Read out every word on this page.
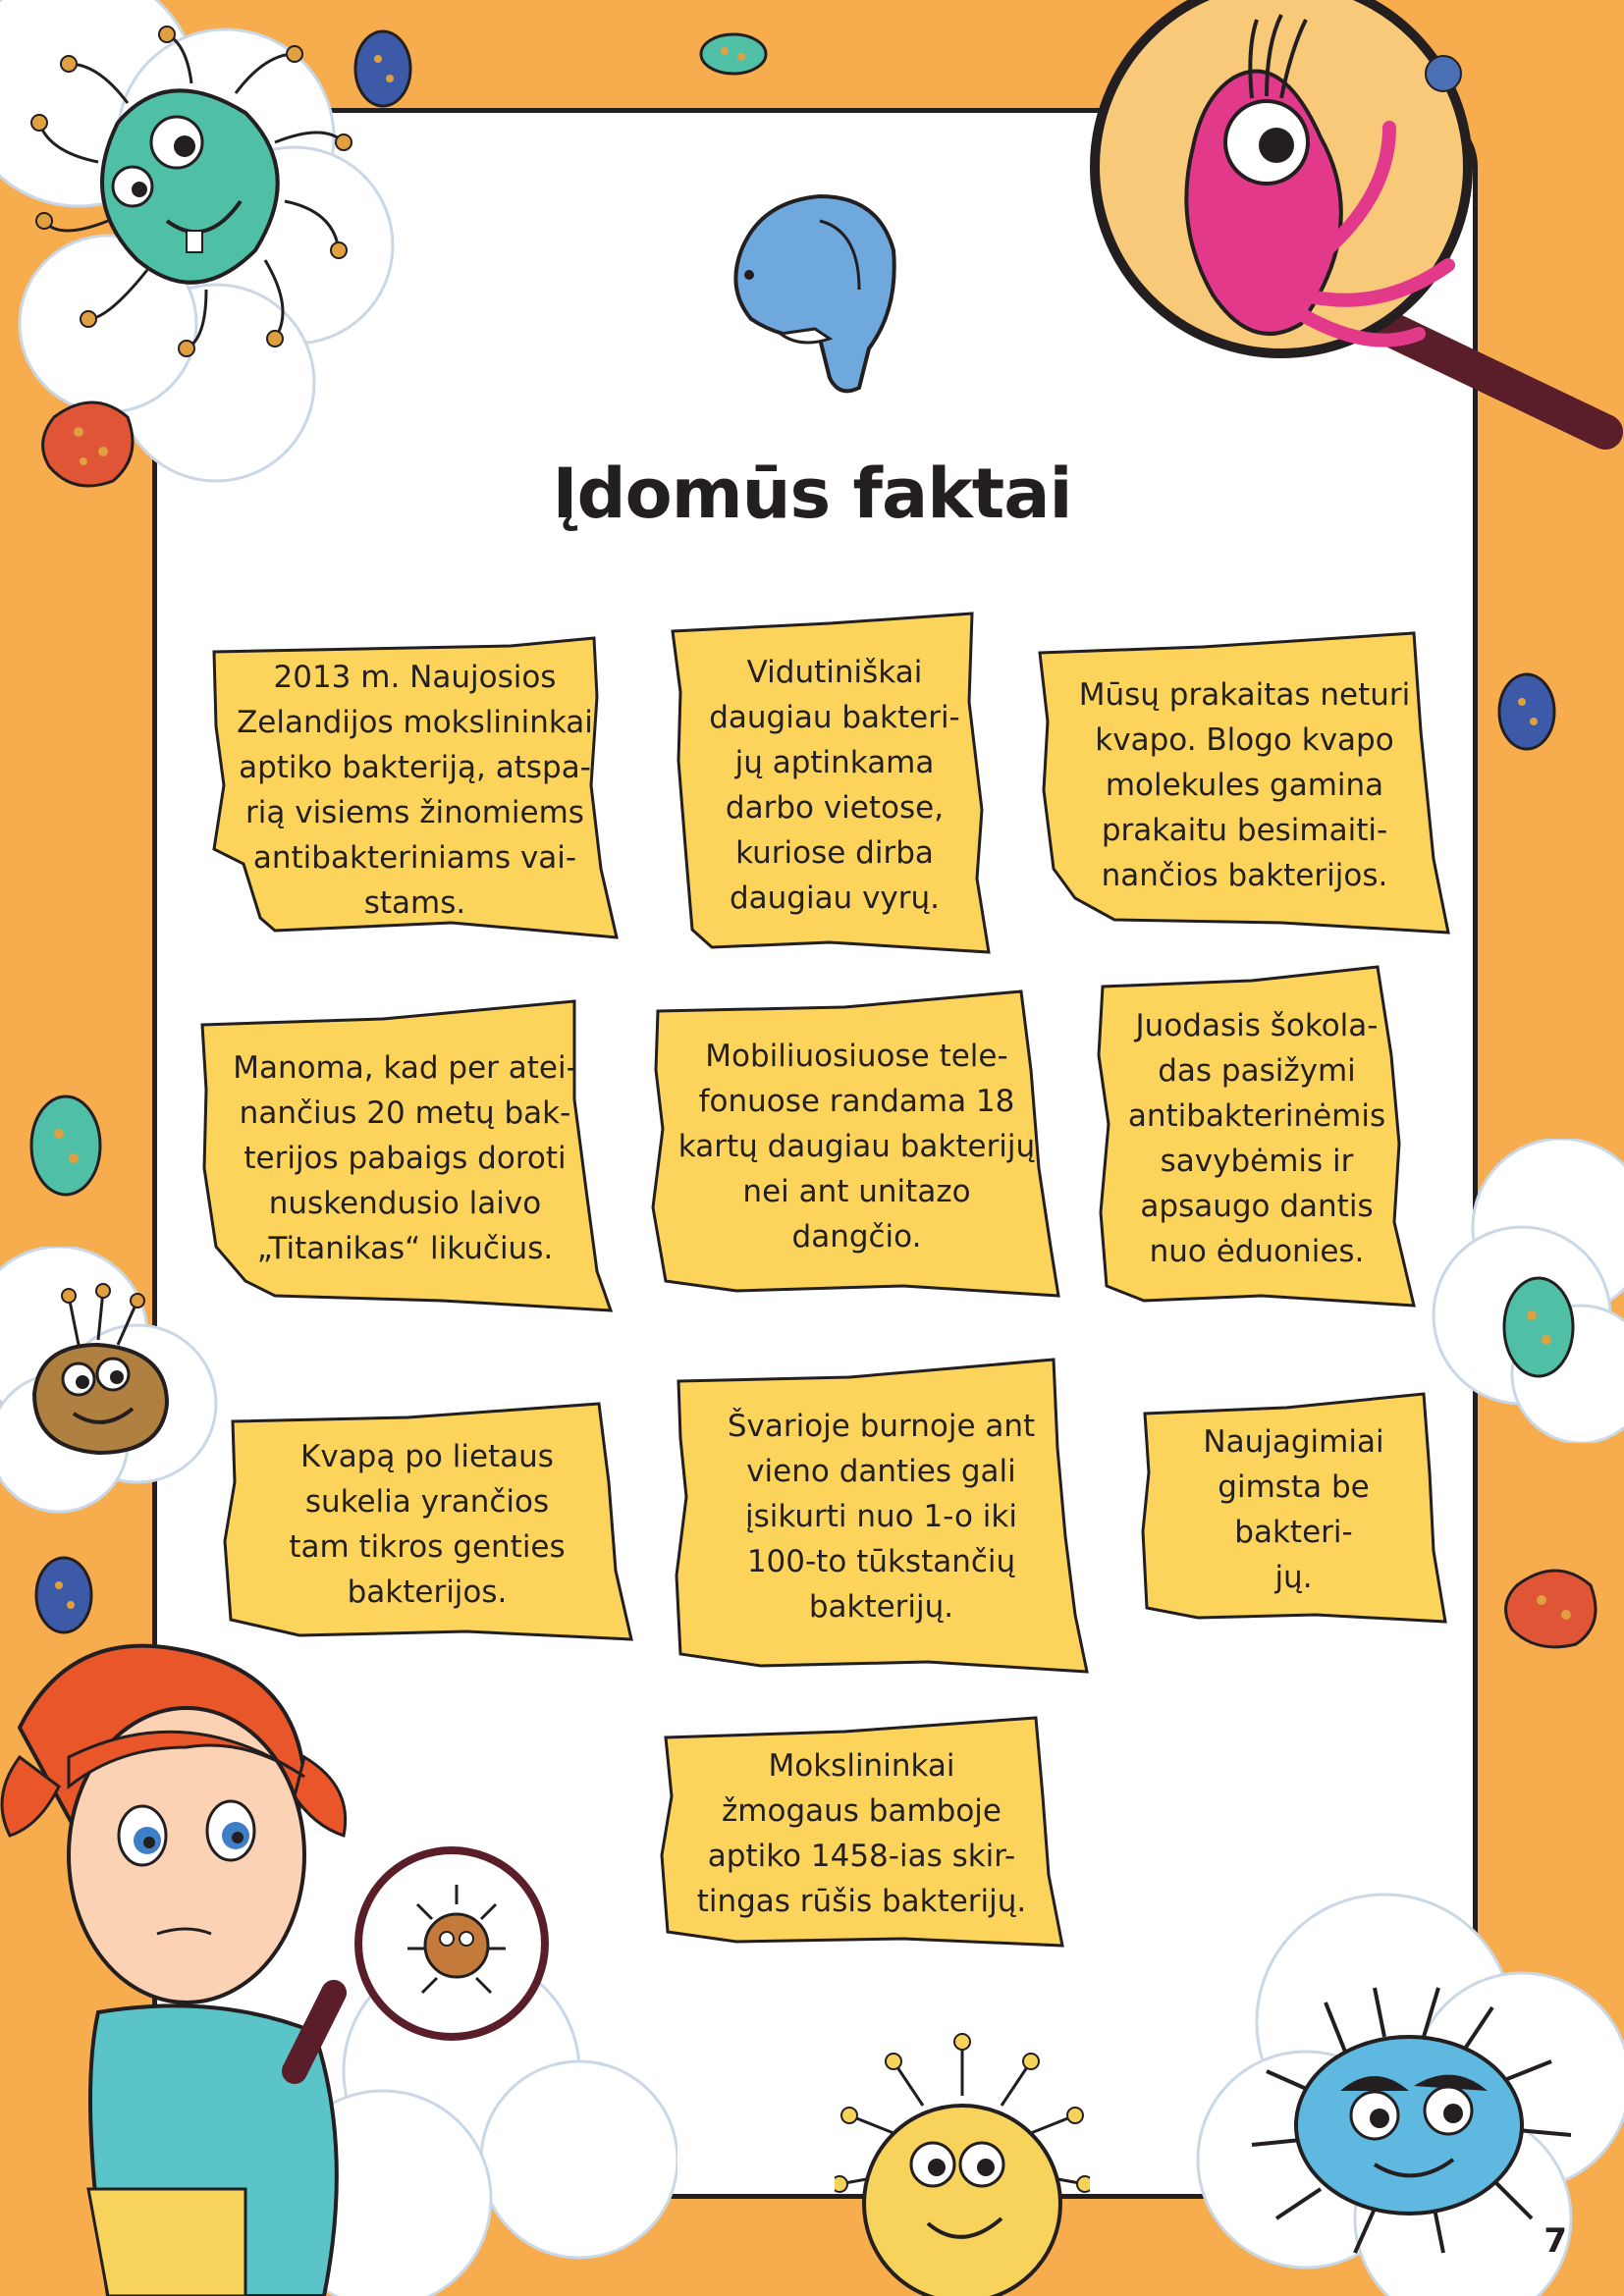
Įdomūs faktai
2013 m. Naujosios
Zelandijos mokslininkai
aptiko bakteriją, atspa-
rią visiems žinomiems
antibakteriniams vai-
stams.
Vidutiniškai
daugiau bakteri-
jų aptinkama
darbo vietose,
kuriose dirba
daugiau vyrų.
Mūsų prakaitas neturi
kvapo. Blogo kvapo
molekules gamina
prakaitu besimaiti-
nančios bakterijos.
Manoma, kad per atei-
nančius 20 metų bak-
terijos pabaigs doroti
nuskendusio laivo
„Titanikas“ likučius.
Mobiliuosiuose tele-
fonuose randama 18
kartų daugiau bakterijų
nei ant unitazo
dangčio.
Juodasis šokola-
das pasižymi
antibakterinėmis
savybėmis ir
apsaugo dantis
nuo ėduonies.
Kvapą po lietaus
sukelia yrančios
tam tikros genties
bakterijos.
Švarioje burnoje ant
vieno danties gali
įsikurti nuo 1-o iki
100-to tūkstančių
bakterijų.
Naujagimiai
gimsta be bakteri-
jų.
Mokslininkai
žmogaus bamboje
aptiko 1458-ias skir-
tingas rūšis bakterijų.
7
